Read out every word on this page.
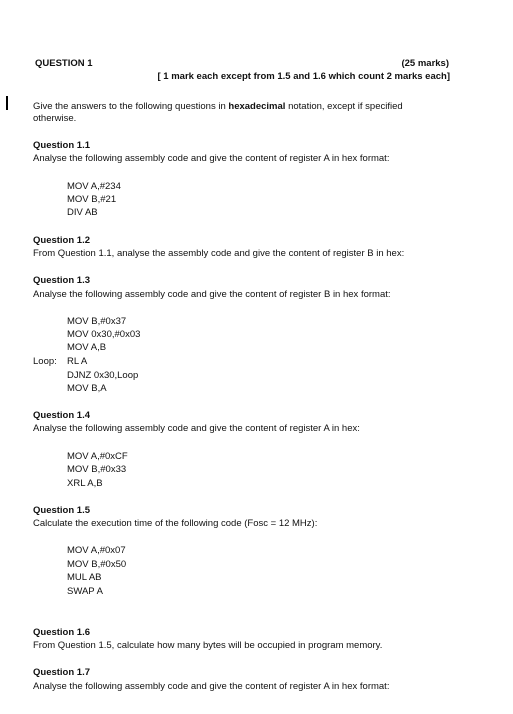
QUESTION 1	(25 marks)
[ 1 mark each except from 1.5 and 1.6 which count 2 marks each]
Give the answers to the following questions in hexadecimal notation, except if specified
otherwise.
Question 1.1
Analyse the following assembly code and give the content of register A in hex format:
MOV A,#234
MOV B,#21
DIV AB
Question 1.2
From Question 1.1, analyse the assembly code and give the content of register B in hex:
Question 1.3
Analyse the following assembly code and give the content of register B in hex format:
MOV B,#0x37
MOV 0x30,#0x03
MOV A,B
Loop: RL A
DJNZ 0x30,Loop
MOV B,A
Question 1.4
Analyse the following assembly code and give the content of register A in hex:
MOV A,#0xCF
MOV B,#0x33
XRL A,B
Question 1.5
Calculate the execution time of the following code (Fosc = 12 MHz):
MOV A,#0x07
MOV B,#0x50
MUL AB
SWAP A
Question 1.6
From Question 1.5, calculate how many bytes will be occupied in program memory.
Question 1.7
Analyse the following assembly code and give the content of register A in hex format:
